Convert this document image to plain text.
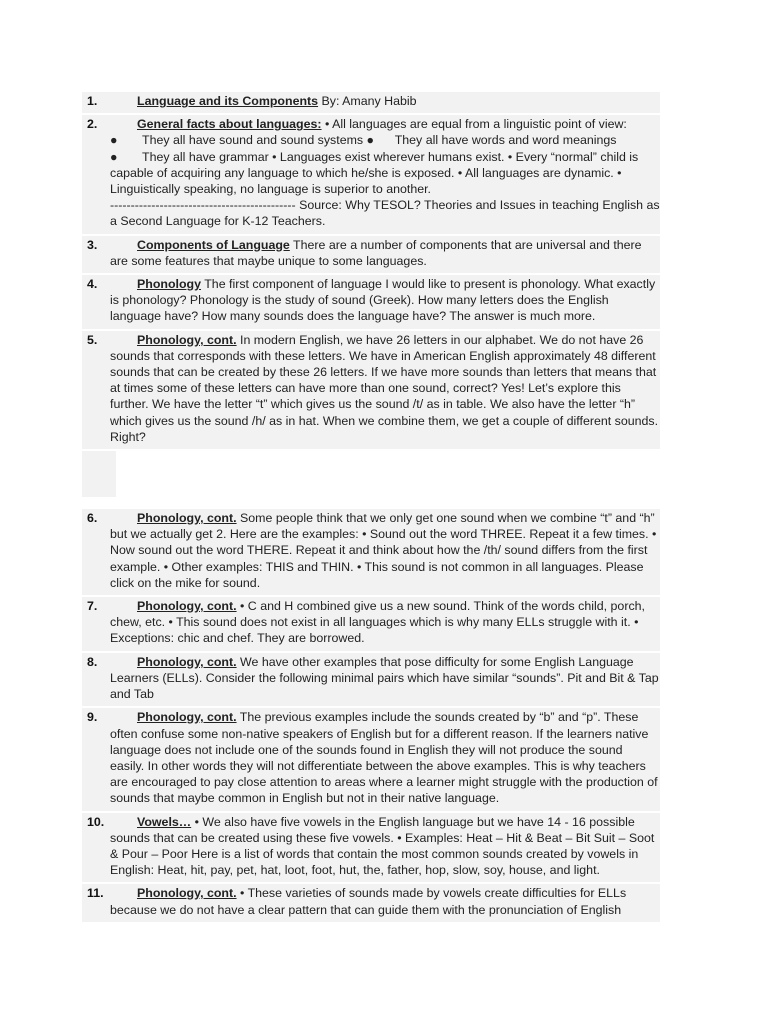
1.	Language and its Components By: Amany Habib
2.	General facts about languages: • All languages are equal from a linguistic point of view:
● They all have sound and sound systems ●      They all have words and word meanings
● They all have grammar • Languages exist wherever humans exist. • Every “normal” child is capable of acquiring any language to which he/she is exposed. • All languages are dynamic. • Linguistically speaking, no language is superior to another.
--------------------------------------------- Source: Why TESOL? Theories and Issues in teaching English as a Second Language for K-12 Teachers.
3.	Components of Language There are a number of components that are universal and there are some features that maybe unique to some languages.
4.	Phonology The first component of language I would like to present is phonology. What exactly is phonology? Phonology is the study of sound (Greek). How many letters does the English language have? How many sounds does the language have? The answer is much more.
5.	Phonology, cont. In modern English, we have 26 letters in our alphabet. We do not have 26 sounds that corresponds with these letters. We have in American English approximately 48 different sounds that can be created by these 26 letters. If we have more sounds than letters that means that at times some of these letters can have more than one sound, correct? Yes! Let’s explore this further. We have the letter “t” which gives us the sound /t/ as in table. We also have the letter “h” which gives us the sound /h/ as in hat. When we combine them, we get a couple of different sounds. Right?
6.	Phonology, cont. Some people think that we only get one sound when we combine “t” and “h” but we actually get 2. Here are the examples: • Sound out the word THREE. Repeat it a few times. • Now sound out the word THERE. Repeat it and think about how the /th/ sound differs from the first example. • Other examples: THIS and THIN. • This sound is not common in all languages. Please click on the mike for sound.
7.	Phonology, cont. • C and H combined give us a new sound. Think of the words child, porch, chew, etc. • This sound does not exist in all languages which is why many ELLs struggle with it. • Exceptions: chic and chef. They are borrowed.
8.	Phonology, cont. We have other examples that pose difficulty for some English Language Learners (ELLs). Consider the following minimal pairs which have similar “sounds”. Pit and Bit & Tap and Tab
9.	Phonology, cont. The previous examples include the sounds created by “b” and “p”. These often confuse some non-native speakers of English but for a different reason. If the learners native language does not include one of the sounds found in English they will not produce the sound easily. In other words they will not differentiate between the above examples. This is why teachers are encouraged to pay close attention to areas where a learner might struggle with the production of sounds that maybe common in English but not in their native language.
10.	Vowels… • We also have five vowels in the English language but we have 14 - 16 possible sounds that can be created using these five vowels. • Examples: Heat – Hit & Beat – Bit Suit – Soot & Pour – Poor Here is a list of words that contain the most common sounds created by vowels in English: Heat, hit, pay, pet, hat, loot, foot, hut, the, father, hop, slow, soy, house, and light.
11.	Phonology, cont. • These varieties of sounds made by vowels create difficulties for ELLs because we do not have a clear pattern that can guide them with the pronunciation of English
